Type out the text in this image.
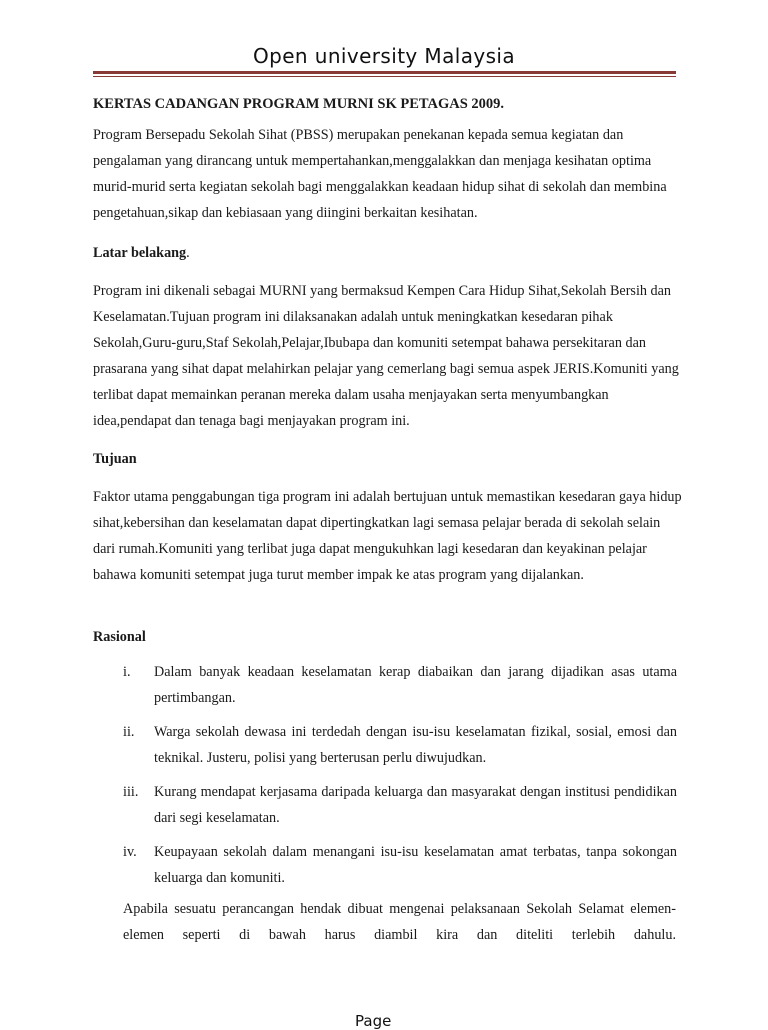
Open university Malaysia
KERTAS CADANGAN PROGRAM MURNI SK PETAGAS 2009.
Program Bersepadu Sekolah Sihat (PBSS) merupakan penekanan kepada semua kegiatan dan pengalaman yang dirancang untuk mempertahankan,menggalakkan dan menjaga kesihatan optima murid-murid serta kegiatan sekolah bagi menggalakkan keadaan hidup sihat di sekolah dan membina pengetahuan,sikap dan kebiasaan yang diingini berkaitan kesihatan.
Latar belakang.
Program ini dikenali sebagai MURNI yang bermaksud Kempen Cara Hidup Sihat,Sekolah Bersih dan Keselamatan.Tujuan program ini dilaksanakan adalah untuk meningkatkan kesedaran pihak Sekolah,Guru-guru,Staf Sekolah,Pelajar,Ibubapa dan komuniti setempat bahawa persekitaran dan prasarana yang sihat dapat melahirkan pelajar yang cemerlang bagi semua aspek JERIS.Komuniti yang terlibat dapat memainkan peranan mereka dalam usaha menjayakan serta menyumbangkan idea,pendapat dan tenaga bagi menjayakan program ini.
Tujuan
Faktor utama penggabungan tiga program ini adalah bertujuan untuk memastikan kesedaran gaya hidup sihat,kebersihan dan keselamatan dapat dipertingkatkan lagi semasa pelajar berada di sekolah selain dari rumah.Komuniti yang terlibat juga dapat mengukuhkan lagi kesedaran dan keyakinan pelajar bahawa komuniti setempat juga turut member impak ke atas program yang dijalankan.
Rasional
i. Dalam banyak keadaan keselamatan kerap diabaikan dan jarang dijadikan asas utama pertimbangan.
ii. Warga sekolah dewasa ini terdedah dengan isu-isu keselamatan fizikal, sosial, emosi dan teknikal. Justeru, polisi yang berterusan perlu diwujudkan.
iii. Kurang mendapat kerjasama daripada keluarga dan masyarakat dengan institusi pendidikan dari segi keselamatan.
iv. Keupayaan sekolah dalam menangani isu-isu keselamatan amat terbatas, tanpa sokongan keluarga dan komuniti.
Apabila sesuatu perancangan hendak dibuat mengenai pelaksanaan Sekolah Selamat elemen-elemen seperti di bawah harus diambil kira dan diteliti terlebih dahulu.
Page
